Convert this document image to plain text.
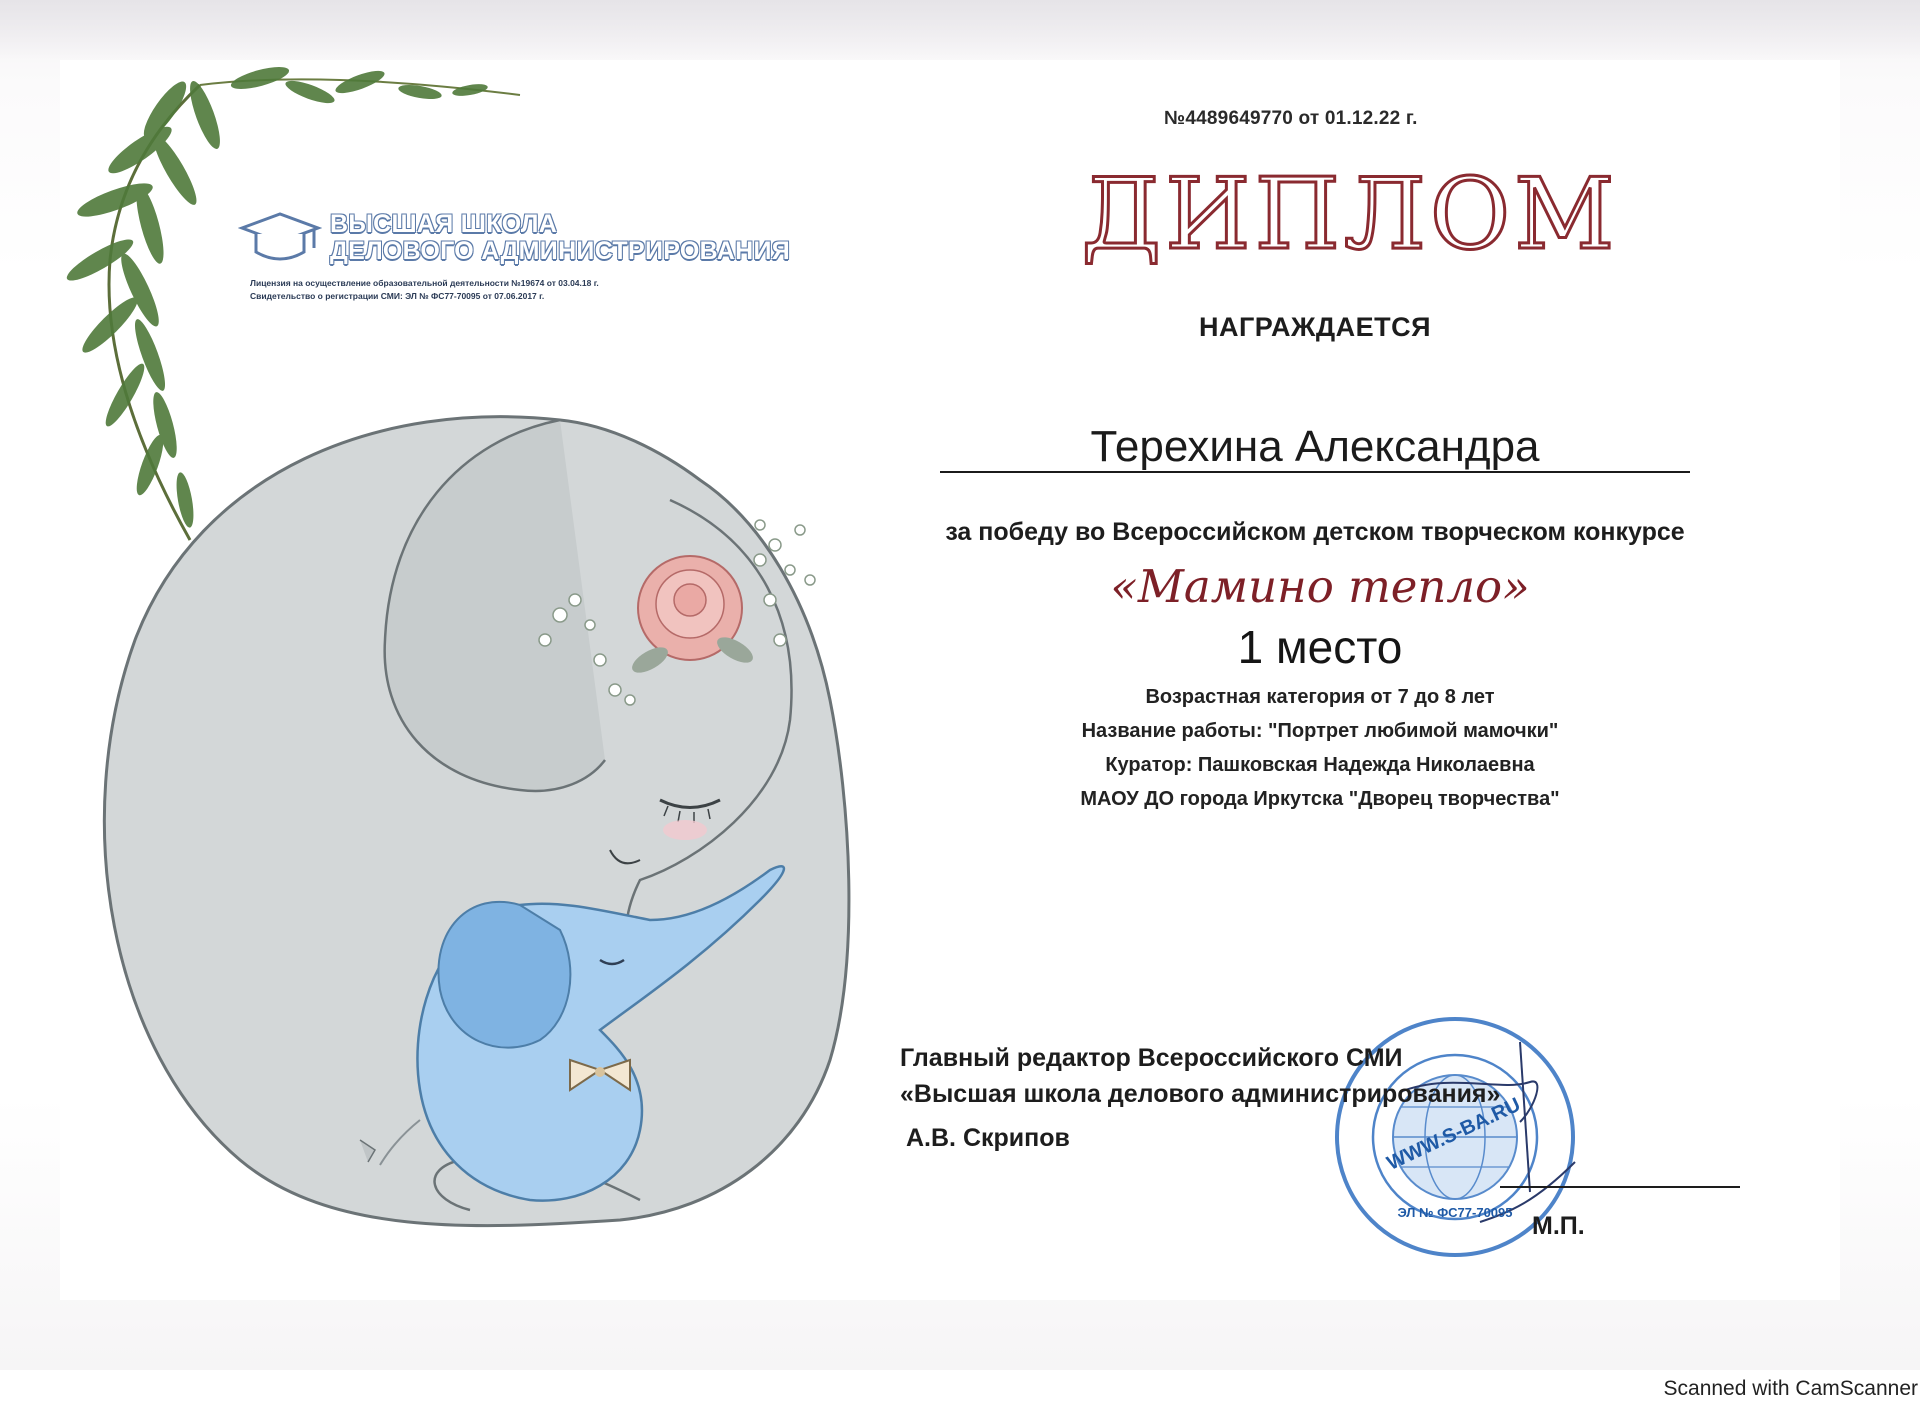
ВЫСШАЯ ШКОЛА
ДЕЛОВОГО АДМИНИСТРИРОВАНИЯ
Лицензия на осуществление образовательной деятельности №19674 от 03.04.18 г.
Свидетельство о регистрации СМИ: ЭЛ № ФС77-70095 от 07.06.2017 г.
№4489649770 от 01.12.22 г.
ДИПЛОМ
НАГРАЖДАЕТСЯ
Терехина Александра
за победу во Всероссийском детском творческом конкурсе
«Мамино тепло»
1 место
Возрастная категория от 7 до 8 лет
Название работы: "Портрет любимой мамочки"
Куратор: Пашковская Надежда Николаевна
МАОУ ДО города Иркутска "Дворец творчества"
WWW.S-BA.RU
ЭЛ № ФС77-70095
Главный редактор Всероссийского СМИ
«Высшая школа делового администрирования»
А.В. Скрипов
М.П.
Scanned with CamScanner
